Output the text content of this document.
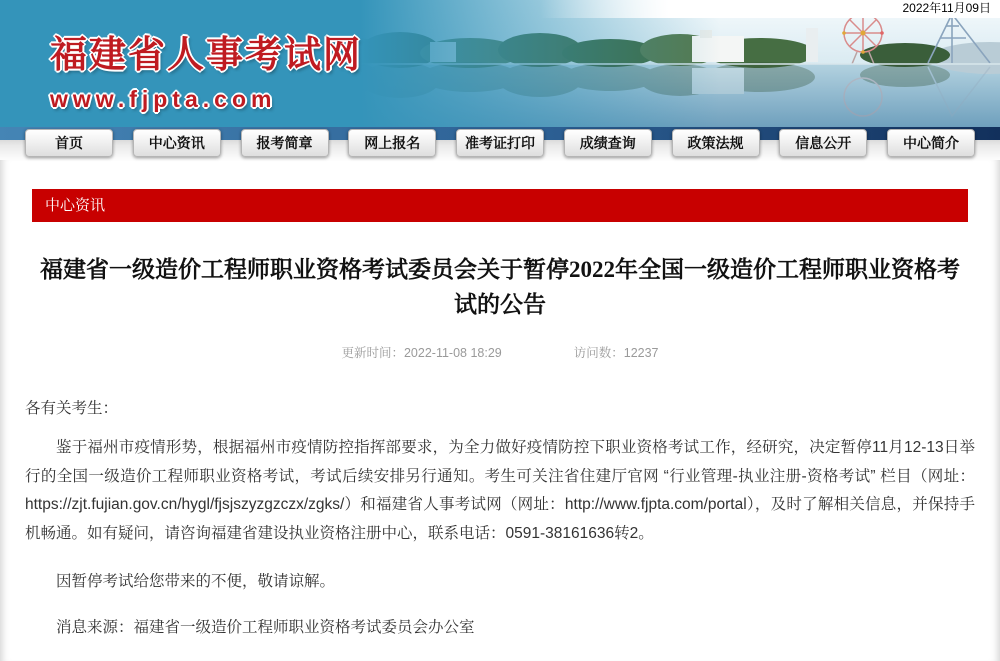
2022年11月09日
福建省人事考试网
www.fjpta.com
首页	中心资讯	报考简章	网上报名	准考证打印	成绩查询	政策法规	信息公开	中心简介
中心资讯
福建省一级造价工程师职业资格考试委员会关于暂停2022年全国一级造价工程师职业资格考试的公告
更新时间：2022-11-08 18:29	访问数：12237
各有关考生：

鉴于福州市疫情形势，根据福州市疫情防控指挥部要求，为全力做好疫情防控下职业资格考试工作，经研究，决定暂停11月12-13日举行的全国一级造价工程师职业资格考试，考试后续安排另行通知。考生可关注省住建厅官网 “行业管理-执业注册-资格考试” 栏目（网址：https://zjt.fujian.gov.cn/hygl/fjsjszyzgzczx/zgks/）和福建省人事考试网（网址：http://www.fjpta.com/portal），及时了解相关信息，并保持手机畅通。如有疑问，请咨询福建省建设执业资格注册中心，联系电话：0591-38161636转2。

因暂停考试给您带来的不便，敬请谅解。

消息来源：福建省一级造价工程师职业资格考试委员会办公室
